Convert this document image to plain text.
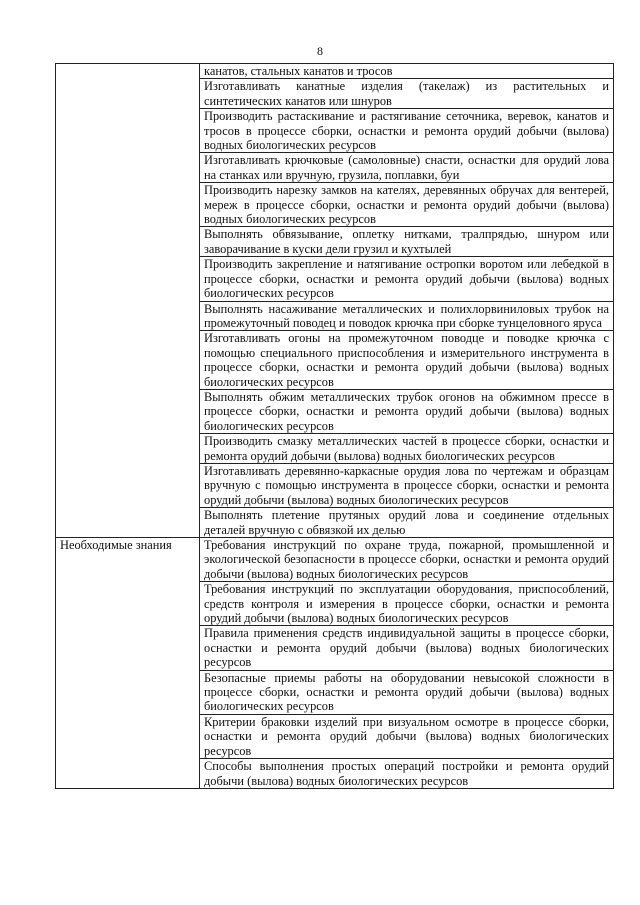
8
	канатов, стальных канатов и тросов
	Изготавливать канатные изделия (такелаж) из растительных и синтетических канатов или шнуров
	Производить растаскивание и растягивание сеточника, веревок, канатов и тросов в процессе сборки, оснастки и ремонта орудий добычи (вылова) водных биологических ресурсов
	Изготавливать крючковые (самоловные) снасти, оснастки для орудий лова на станках или вручную, грузила, поплавки, буи
	Производить нарезку замков на кателях, деревянных обручах для вентерей, мереж в процессе сборки, оснастки и ремонта орудий добычи (вылова) водных биологических ресурсов
	Выполнять обвязывание, оплетку нитками, тралпрядью, шнуром или заворачивание в куски дели грузил и кухтылей
	Производить закрепление и натягивание остропки воротом или лебедкой в процессе сборки, оснастки и ремонта орудий добычи (вылова) водных биологических ресурсов
	Выполнять насаживание металлических и полихлорвиниловых трубок на промежуточный поводец и поводок крючка при сборке тунцеловного яруса
	Изготавливать огоны на промежуточном поводце и поводке крючка с помощью специального приспособления и измерительного инструмента в процессе сборки, оснастки и ремонта орудий добычи (вылова) водных биологических ресурсов
	Выполнять обжим металлических трубок огонов на обжимном прессе в процессе сборки, оснастки и ремонта орудий добычи (вылова) водных биологических ресурсов
	Производить смазку металлических частей в процессе сборки, оснастки и ремонта орудий добычи (вылова) водных биологических ресурсов
	Изготавливать деревянно-каркасные орудия лова по чертежам и образцам вручную с помощью инструмента в процессе сборки, оснастки и ремонта орудий добычи (вылова) водных биологических ресурсов
	Выполнять плетение прутяных орудий лова и соединение отдельных деталей вручную с обвязкой их делью
Необходимые знания	Требования инструкций по охране труда, пожарной, промышленной и экологической безопасности в процессе сборки, оснастки и ремонта орудий добычи (вылова) водных биологических ресурсов
	Требования инструкций по эксплуатации оборудования, приспособлений, средств контроля и измерения в процессе сборки, оснастки и ремонта орудий добычи (вылова) водных биологических ресурсов
	Правила применения средств индивидуальной защиты в процессе сборки, оснастки и ремонта орудий добычи (вылова) водных биологических ресурсов
	Безопасные приемы работы на оборудовании невысокой сложности в процессе сборки, оснастки и ремонта орудий добычи (вылова) водных биологических ресурсов
	Критерии браковки изделий при визуальном осмотре в процессе сборки, оснастки и ремонта орудий добычи (вылова) водных биологических ресурсов
	Способы выполнения простых операций постройки и ремонта орудий добычи (вылова) водных биологических ресурсов
